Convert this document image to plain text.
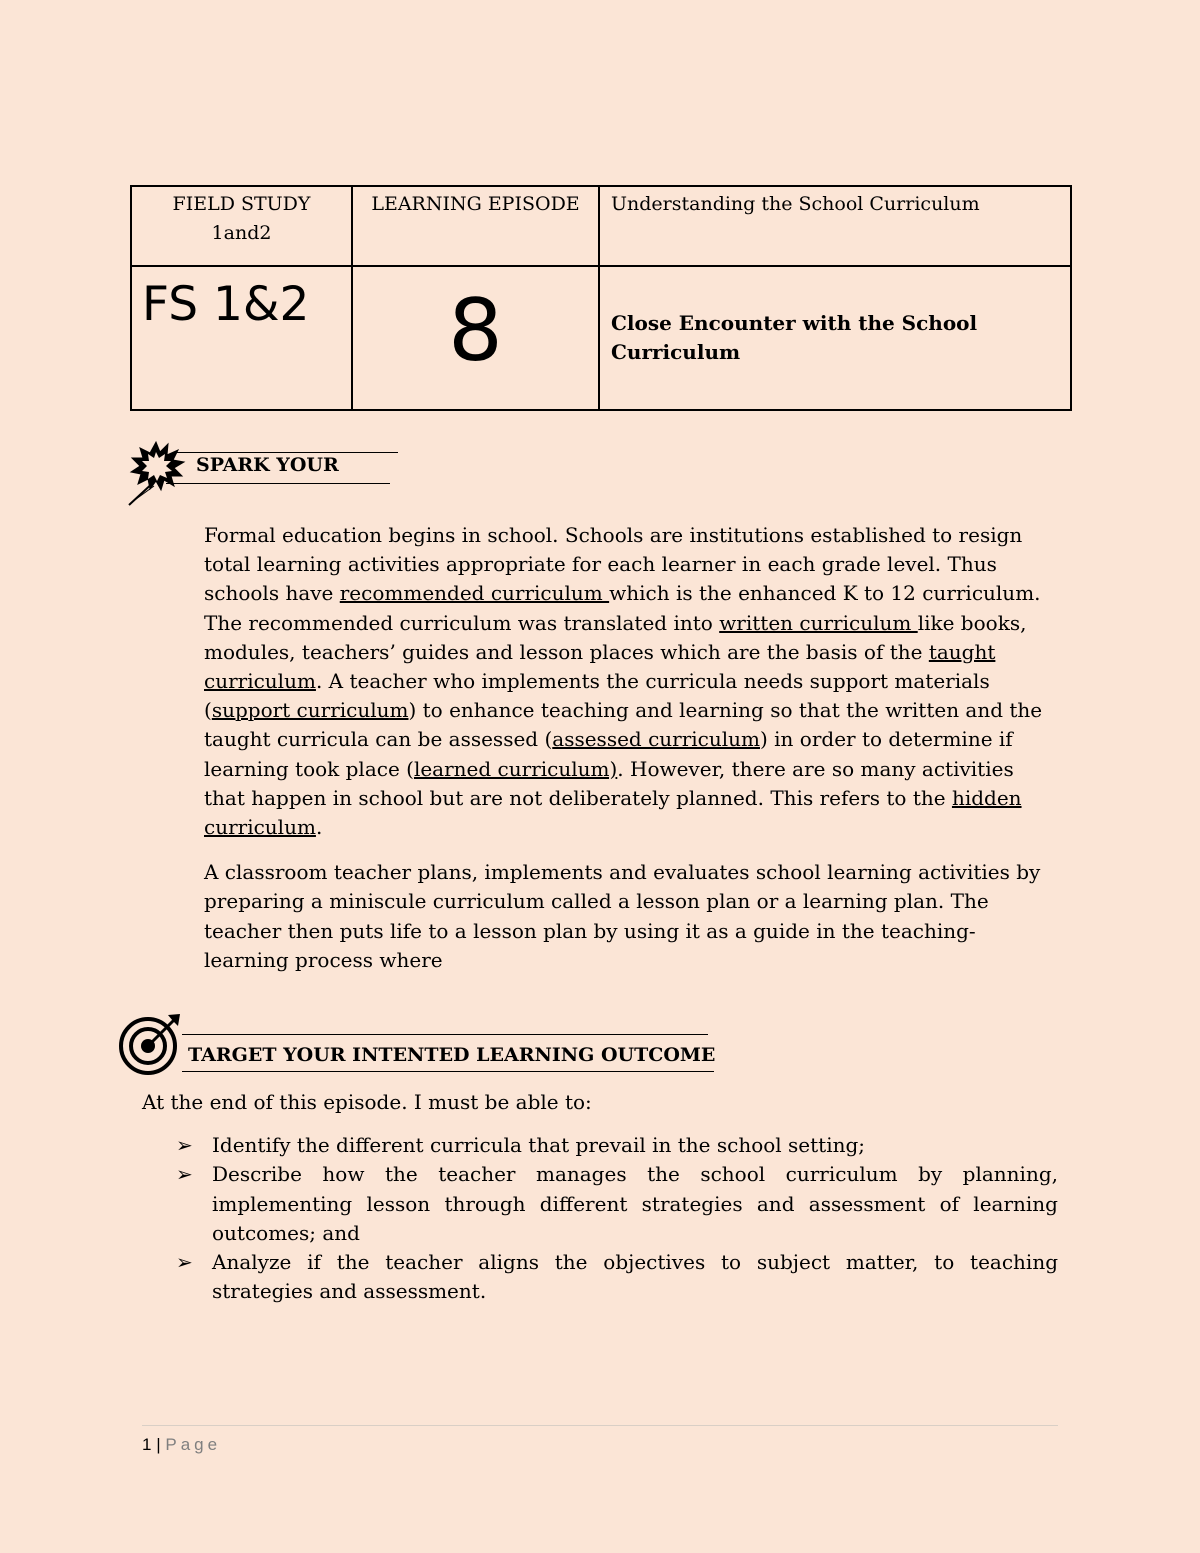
FIELD STUDY
1and2	LEARNING EPISODE	Understanding the School Curriculum

FS 1&2	8	Close Encounter with the School Curriculum
SPARK YOUR

Formal education begins in school. Schools are institutions established to resign total learning activities appropriate for each learner in each grade level. Thus schools have recommended curriculum which is the enhanced K to 12 curriculum. The recommended curriculum was translated into written curriculum like books, modules, teachers’ guides and lesson places which are the basis of the taught curriculum. A teacher who implements the curricula needs support materials (support curriculum) to enhance teaching and learning so that the written and the taught curricula can be assessed (assessed curriculum) in order to determine if learning took place (learned curriculum). However, there are so many activities that happen in school but are not deliberately planned. This refers to the hidden curriculum.

A classroom teacher plans, implements and evaluates school learning activities by preparing a miniscule curriculum called a lesson plan or a learning plan. The teacher then puts life to a lesson plan by using it as a guide in the teaching-learning process where

TARGET YOUR INTENTED LEARNING OUTCOME

At the end of this episode. I must be able to:

➢ Identify the different curricula that prevail in the school setting;
➢ Describe how the teacher manages the school curriculum by planning, implementing lesson through different strategies and assessment of learning outcomes; and
➢ Analyze if the teacher aligns the objectives to subject matter, to teaching strategies and assessment.
1 | Page
